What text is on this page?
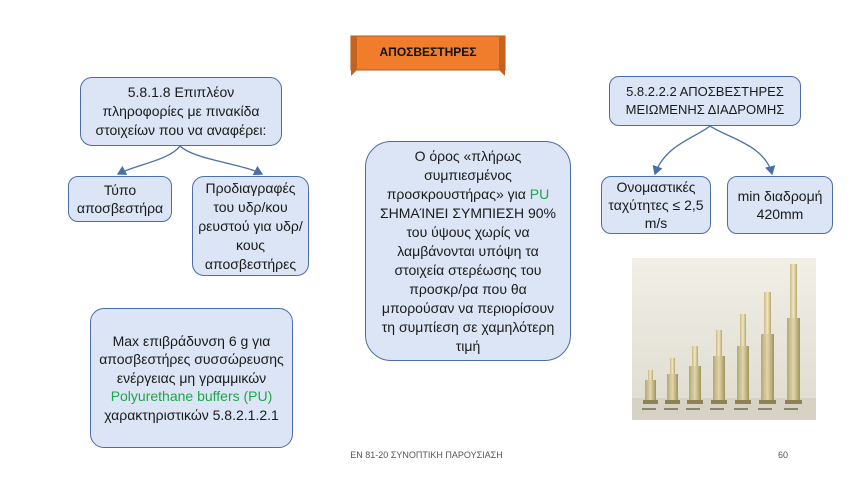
ΑΠΟΣΒΕΣΤΗΡΕΣ
5.8.1.8 Επιπλέον πληροφορίες με πινακίδα στοιχείων που να αναφέρει:
Τύπο αποσβεστήρα
Προδιαγραφές του υδρ/κου ρευστού για υδρ/κους αποσβεστήρες
Max επιβράδυνση 6 g για αποσβεστήρες συσσώρευσης ενέργειας μη γραμμικών Polyurethane buffers (PU) χαρακτηριστικών 5.8.2.1.2.1
Ο όρος «πλήρως συμπιεσμένος προσκρουστήρας» για PU ΣΗΜΑΊΝΕΙ ΣΥΜΠΙΕΣΗ 90% του ύψους χωρίς να λαμβάνονται υπόψη τα στοιχεία στερέωσης του προσκρ/ρα που θα μπορούσαν να περιορίσουν τη συμπίεση σε χαμηλότερη τιμή
5.8.2.2.2 ΑΠΟΣΒΕΣΤΗΡΕΣ ΜΕΙΩΜΕΝΗΣ ΔΙΑΔΡΟΜΗΣ
Ονομαστικές ταχύτητες ≤ 2,5 m/s
min διαδρομή 420mm
ΕΝ 81-20 ΣΥΝΟΠΤΙΚΗ ΠΑΡΟΥΣΙΑΣΗ	60
